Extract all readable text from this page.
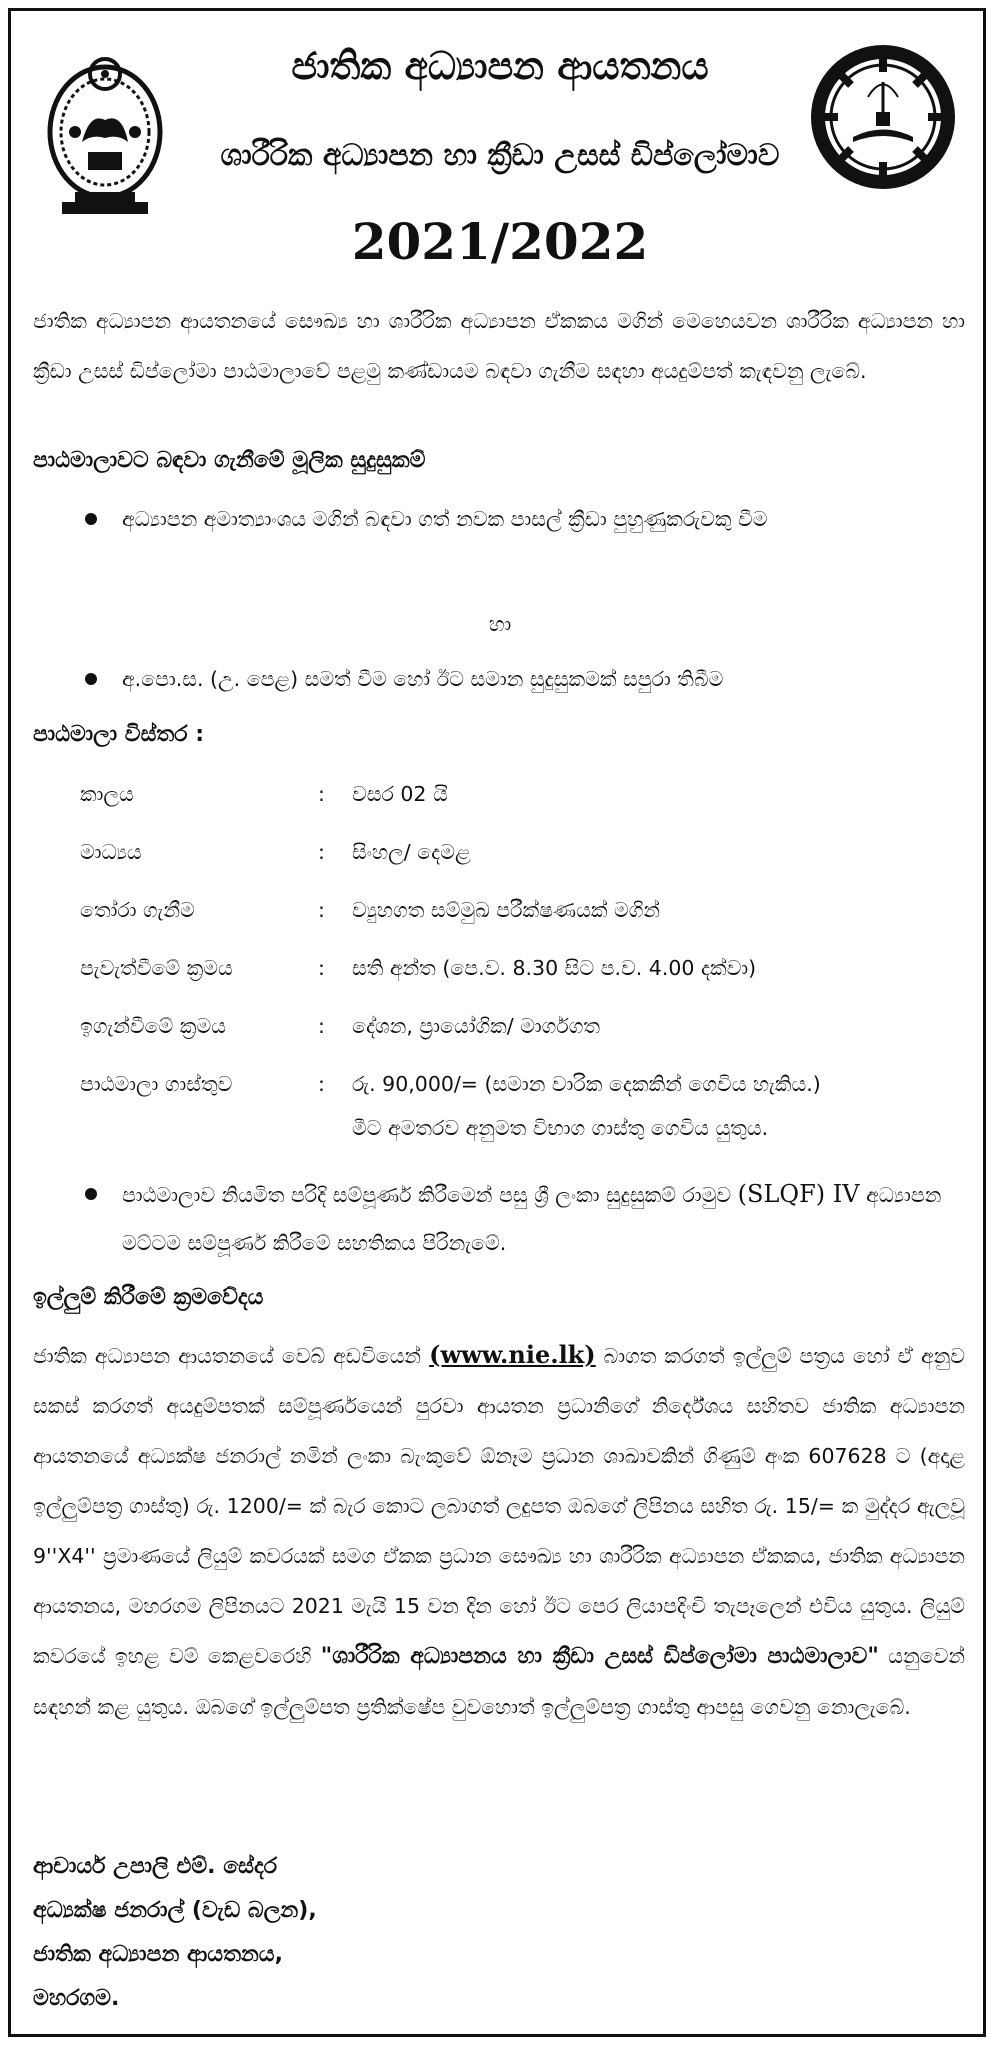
ජාතික අධ්‍යාපන ආයතනය
ශාරීරික අධ්‍යාපන හා ක්‍රීඩා උසස් ඩිප්ලෝමාව
2021/2022
ජාතික අධ්‍යාපන ආයතනයේ සෞඛ්‍ය හා ශාරීරික අධ්‍යාපන ඒකකය මගින් මෙහෙයවන ශාරීරික අධ්‍යාපන හා ක්‍රීඩා උසස් ඩිප්ලෝමා පාඨමාලාවේ පළමු කණ්ඩායම බඳවා ගැනීම සඳහා අයදුම්පත් කැඳවනු ලැබේ.
පාඨමාලාවට බඳවා ගැනීමේ මූලික සුදුසුකම්
අධ්‍යාපන අමාත්‍යාංශය මගින් බඳවා ගත් නවක පාසල් ක්‍රීඩා පුහුණුකරුවකු වීම
හා
අ.පො.ස. (උ. පෙළ) සමත් වීම හෝ ඊට සමාන සුදුසුකමක් සපුරා තිබීම
පාඨමාලා විස්තර :
කාලය	: වසර 02 යි
මාධ්‍යය	: සිංහල/ දෙමළ
තෝරා ගැනීම	: ව්‍යුහගත සම්මුඛ පරීක්ෂණයක් මගින්
පැවැත්වීමේ ක්‍රමය	: සති අන්ත (පෙ.ව. 8.30 සිට ප.ව. 4.00 දක්වා)
ඉගැන්වීමේ ක්‍රමය	: දේශන, ප්‍රායෝගික/ මාර්ගගත
පාඨමාලා ගාස්තුව	: රු. 90,000/= (සමාන වාරික දෙකකින් ගෙවිය හැකිය.)
මීට අමතරව අනුමත විභාග ගාස්තු ගෙවිය යුතුය.
පාඨමාලාව නියමිත පරිදි සම්පූර්ණ කිරීමෙන් පසු ශ්‍රී ලංකා සුදුසුකම් රාමුව (SLQF) IV අධ්‍යාපන මට්ටම සම්පූර්ණ කිරීමේ සහතිකය පිරිනැමේ.
ඉල්ලුම් කිරීමේ ක්‍රමවේදය
ජාතික අධ්‍යාපන ආයතනයේ වෙබ් අඩවියෙන් (www.nie.lk) බාගත කරගත් ඉල්ලුම් පත්‍රය හෝ ඒ අනුව සකස් කරගත් අයදුම්පතක් සම්පූර්ණයෙන් පුරවා ආයතන ප්‍රධානිගේ නිර්දේශය සහිතව ජාතික අධ්‍යාපන ආයතනයේ අධ්‍යක්ෂ ජනරාල් නමින් ලංකා බැංකුවේ ඕනෑම ප්‍රධාන ශාඛාවකින් ගිණුම් අංක 607628 ට (අදාළ ඉල්ලුම්පත්‍ර ගාස්තු) රු. 1200/= ක් බැර කොට ලබාගත් ලදුපත ඔබගේ ලිපිනය සහිත රු. 15/= ක මුද්දර ඇලවූ 9''X4'' ප්‍රමාණයේ ලියුම් කවරයක් සමග ඒකක ප්‍රධාන සෞඛ්‍ය හා ශාරීරික අධ්‍යාපන ඒකකය, ජාතික අධ්‍යාපන ආයතනය, මහරගම ලිපිනයට 2021 මැයි 15 වන දින හෝ ඊට පෙර ලියාපදිංචි තැපෑලෙන් එවිය යුතුය. ලියුම් කවරයේ ඉහළ වම් කෙළවරෙහි "ශාරීරික අධ්‍යාපනය හා ක්‍රීඩා උසස් ඩිප්ලෝමා පාඨමාලාව" යනුවෙන් සඳහන් කළ යුතුය. ඔබගේ ඉල්ලුම්පත ප්‍රතික්ෂේප වුවහොත් ඉල්ලුම්පත්‍ර ගාස්තු ආපසු ගෙවනු නොලැබේ.
ආචාර්ය උපාලි එම්. සේදර
අධ්‍යක්ෂ ජනරාල් (වැඩ බලන),
ජාතික අධ්‍යාපන ආයතනය,
මහරගම.
